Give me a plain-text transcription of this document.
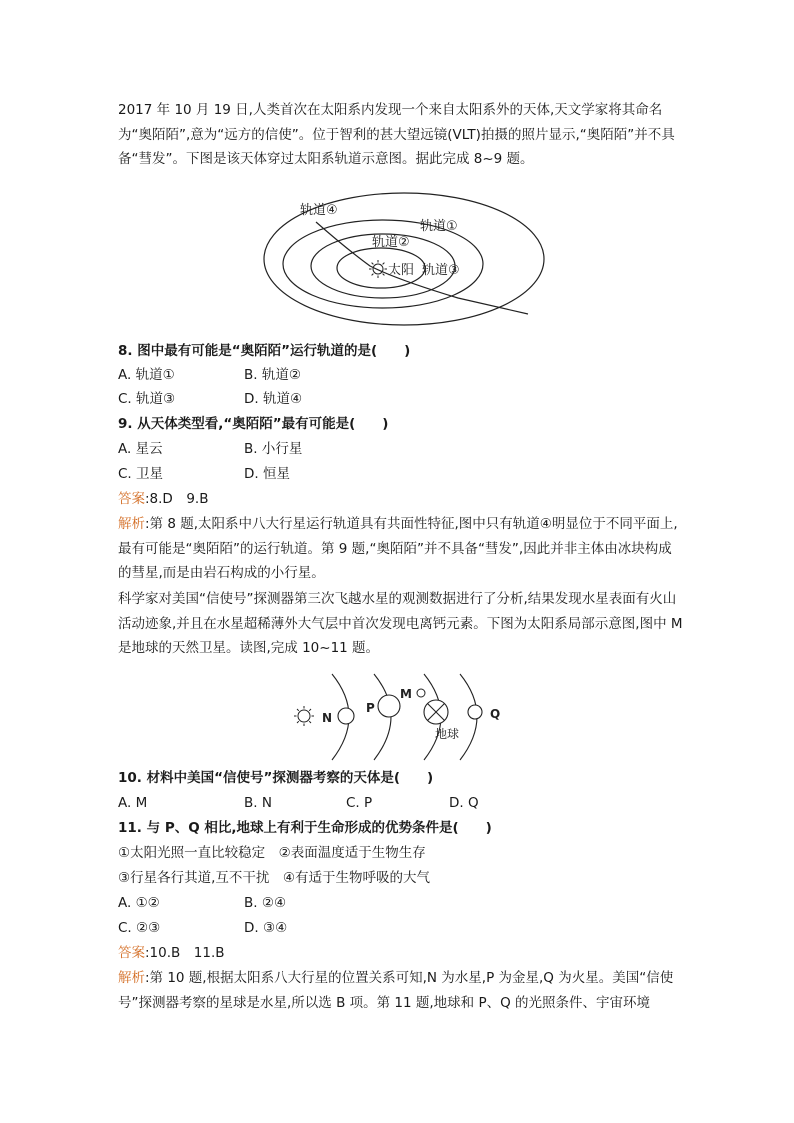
2017 年 10 月 19 日,人类首次在太阳系内发现一个来自太阳系外的天体,天文学家将其命名为“奥陌陌”,意为“远方的信使”。位于智利的甚大望远镜(VLT)拍摄的照片显示,“奥陌陌”并不具备“彗发”。下图是该天体穿过太阳系轨道示意图。据此完成 8~9 题。
太阳
轨道④
轨道①
轨道②
轨道③
8. 图中最有可能是“奥陌陌”运行轨道的是(　　)
A. 轨道①	B. 轨道②
C. 轨道③	D. 轨道④
9. 从天体类型看,“奥陌陌”最有可能是(　　)
A. 星云	B. 小行星
C. 卫星	D. 恒星
答案:8.D　9.B
解析:第 8 题,太阳系中八大行星运行轨道具有共面性特征,图中只有轨道④明显位于不同平面上,最有可能是“奥陌陌”的运行轨道。第 9 题,“奥陌陌”并不具备“彗发”,因此并非主体由冰块构成的彗星,而是由岩石构成的小行星。
科学家对美国“信使号”探测器第三次飞越水星的观测数据进行了分析,结果发现水星表面有火山活动迹象,并且在水星超稀薄外大气层中首次发现电离钙元素。下图为太阳系局部示意图,图中 M 是地球的天然卫星。读图,完成 10~11 题。
N
P
M
Q
地球
10. 材料中美国“信使号”探测器考察的天体是(　　)
A. M	B. N	C. P	D. Q
11. 与 P、Q 相比,地球上有利于生命形成的优势条件是(　　)
①太阳光照一直比较稳定　②表面温度适于生物生存
③行星各行其道,互不干扰　④有适于生物呼吸的大气
A. ①②	B. ②④
C. ②③	D. ③④
答案:10.B　11.B
解析:第 10 题,根据太阳系八大行星的位置关系可知,N 为水星,P 为金星,Q 为火星。美国“信使号”探测器考察的星球是水星,所以选 B 项。第 11 题,地球和 P、Q 的光照条件、宇宙环境
